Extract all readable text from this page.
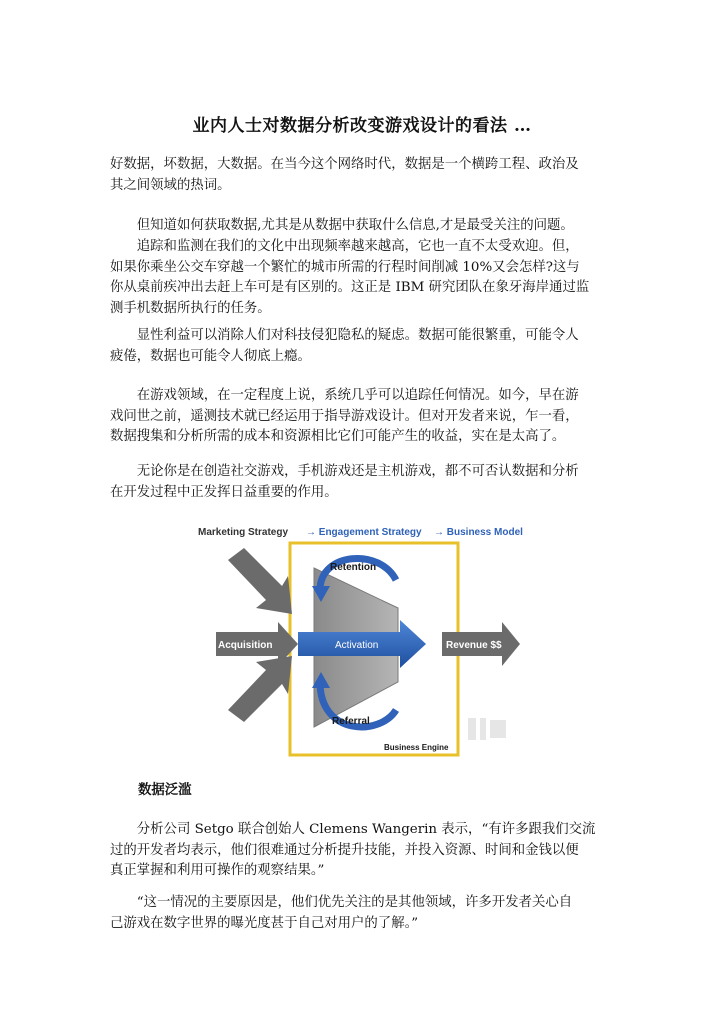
业内人士对数据分析改变游戏设计的看法 …

好数据，坏数据，大数据。在当今这个网络时代，数据是一个横跨工程、政治及
其之间领域的热词。

　　但知道如何获取数据,尤其是从数据中获取什么信息,才是最受关注的问题。

　　追踪和监测在我们的文化中出现频率越来越高，它也一直不太受欢迎。但，
如果你乘坐公交车穿越一个繁忙的城市所需的行程时间削减 10%又会怎样?这与
你从桌前疾冲出去赶上车可是有区别的。这正是 IBM 研究团队在象牙海岸通过监
测手机数据所执行的任务。

　　显性利益可以消除人们对科技侵犯隐私的疑虑。数据可能很繁重，可能令人
疲倦，数据也可能令人彻底上瘾。

　　在游戏领域，在一定程度上说，系统几乎可以追踪任何情况。如今，早在游
戏问世之前，遥测技术就已经运用于指导游戏设计。但对开发者来说，乍一看，
数据搜集和分析所需的成本和资源相比它们可能产生的收益，实在是太高了。

　　无论你是在创造社交游戏，手机游戏还是主机游戏，都不可否认数据和分析
在开发过程中正发挥日益重要的作用。

Marketing Strategy → Engagement Strategy → Business Model
Acquisition	Activation	Revenue $$
Retention
Referral
Business Engine
数据泛滥

　　分析公司 Setgo 联合创始人 Clemens Wangerin 表示，“有许多跟我们交流
过的开发者均表示，他们很难通过分析提升技能，并投入资源、时间和金钱以便
真正掌握和利用可操作的观察结果。”

　　“这一情况的主要原因是，他们优先关注的是其他领域，许多开发者关心自
己游戏在数字世界的曝光度甚于自己对用户的了解。”
